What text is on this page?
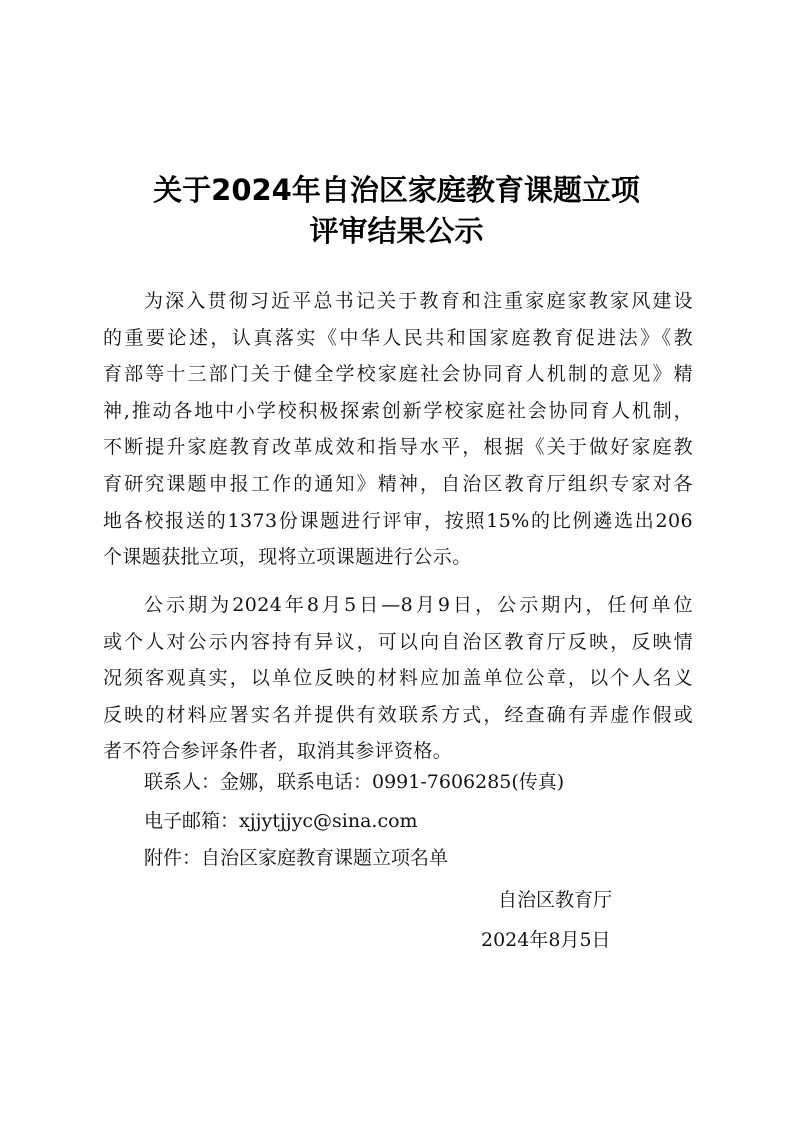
关于2024年自治区家庭教育课题立项
评审结果公示
为深入贯彻习近平总书记关于教育和注重家庭家教家风建设
的重要论述，认真落实《中华人民共和国家庭教育促进法》《教
育部等十三部门关于健全学校家庭社会协同育人机制的意见》精
神,推动各地中小学校积极探索创新学校家庭社会协同育人机制，
不断提升家庭教育改革成效和指导水平，根据《关于做好家庭教
育研究课题申报工作的通知》精神，自治区教育厅组织专家对各
地各校报送的1373份课题进行评审，按照15%的比例遴选出206
个课题获批立项，现将立项课题进行公示。
公示期为2024年8月5日—8月9日，公示期内，任何单位
或个人对公示内容持有异议，可以向自治区教育厅反映，反映情
况须客观真实，以单位反映的材料应加盖单位公章，以个人名义
反映的材料应署实名并提供有效联系方式，经查确有弄虚作假或
者不符合参评条件者，取消其参评资格。
联系人：金娜，联系电话：0991-7606285(传真)
电子邮箱：xjjytjjyc@sina.com
附件：自治区家庭教育课题立项名单
自治区教育厅
2024年8月5日
